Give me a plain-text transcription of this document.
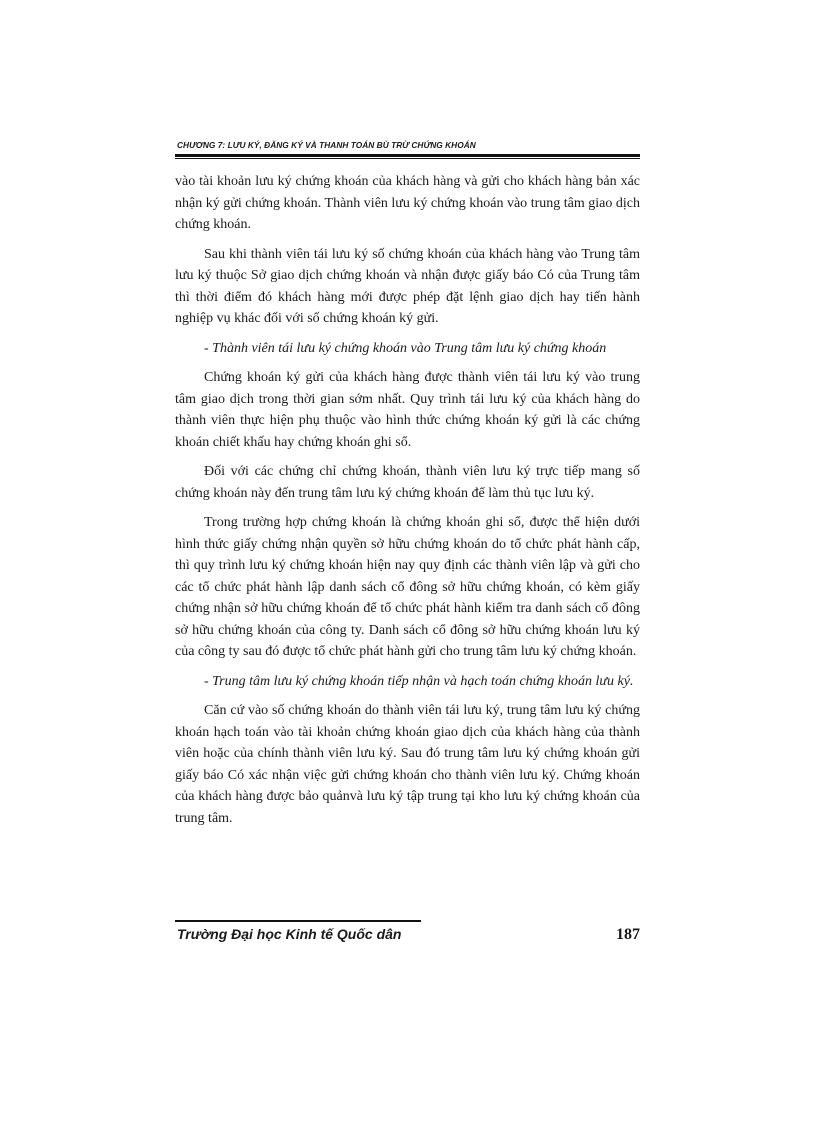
CHƯƠNG 7: LƯU KÝ, ĐĂNG KÝ VÀ THANH TOÁN BÙ TRỪ CHỨNG KHOÁN

vào tài khoản lưu ký chứng khoán của khách hàng và gửi cho khách hàng bản xác nhận ký gửi chứng khoán. Thành viên lưu ký chứng khoán vào trung tâm giao dịch chứng khoán.

Sau khi thành viên tái lưu ký số chứng khoán của khách hàng vào Trung tâm lưu ký thuộc Sở giao dịch chứng khoán và nhận được giấy báo Có của Trung tâm thì thời điểm đó khách hàng mới được phép đặt lệnh giao dịch hay tiến hành nghiệp vụ khác đối với số chứng khoán ký gửi.

- Thành viên tái lưu ký chứng khoán vào Trung tâm lưu ký chứng khoán

Chứng khoán ký gửi của khách hàng được thành viên tái lưu ký vào trung tâm giao dịch trong thời gian sớm nhất. Quy trình tái lưu ký của khách hàng do thành viên thực hiện phụ thuộc vào hình thức chứng khoán ký gửi là các chứng khoán chiết khấu hay chứng khoán ghi sổ.

Đối với các chứng chỉ chứng khoán, thành viên lưu ký trực tiếp mang số chứng khoán này đến trung tâm lưu ký chứng khoán để làm thủ tục lưu ký.

Trong trường hợp chứng khoán là chứng khoán ghi sổ, được thể hiện dưới hình thức giấy chứng nhận quyền sở hữu chứng khoán do tổ chức phát hành cấp, thì quy trình lưu ký chứng khoán hiện nay quy định các thành viên lập và gửi cho các tổ chức phát hành lập danh sách cổ đông sở hữu chứng khoán, có kèm giấy chứng nhận sở hữu chứng khoán để tổ chức phát hành kiểm tra danh sách cổ đông sở hữu chứng khoán của công ty. Danh sách cổ đông sở hữu chứng khoán lưu ký của công ty sau đó được tổ chức phát hành gửi cho trung tâm lưu ký chứng khoán.

- Trung tâm lưu ký chứng khoán tiếp nhận và hạch toán chứng khoán lưu ký.

Căn cứ vào số chứng khoán do thành viên tái lưu ký, trung tâm lưu ký chứng khoán hạch toán vào tài khoản chứng khoán giao dịch của khách hàng của thành viên hoặc của chính thành viên lưu ký. Sau đó trung tâm lưu ký chứng khoán gửi giấy báo Có xác nhận việc gửi chứng khoán cho thành viên lưu ký. Chứng khoán của khách hàng được bảo quảnvà lưu ký tập trung tại kho lưu ký chứng khoán của trung tâm.

Trường Đại học Kinh tế Quốc dân	187
